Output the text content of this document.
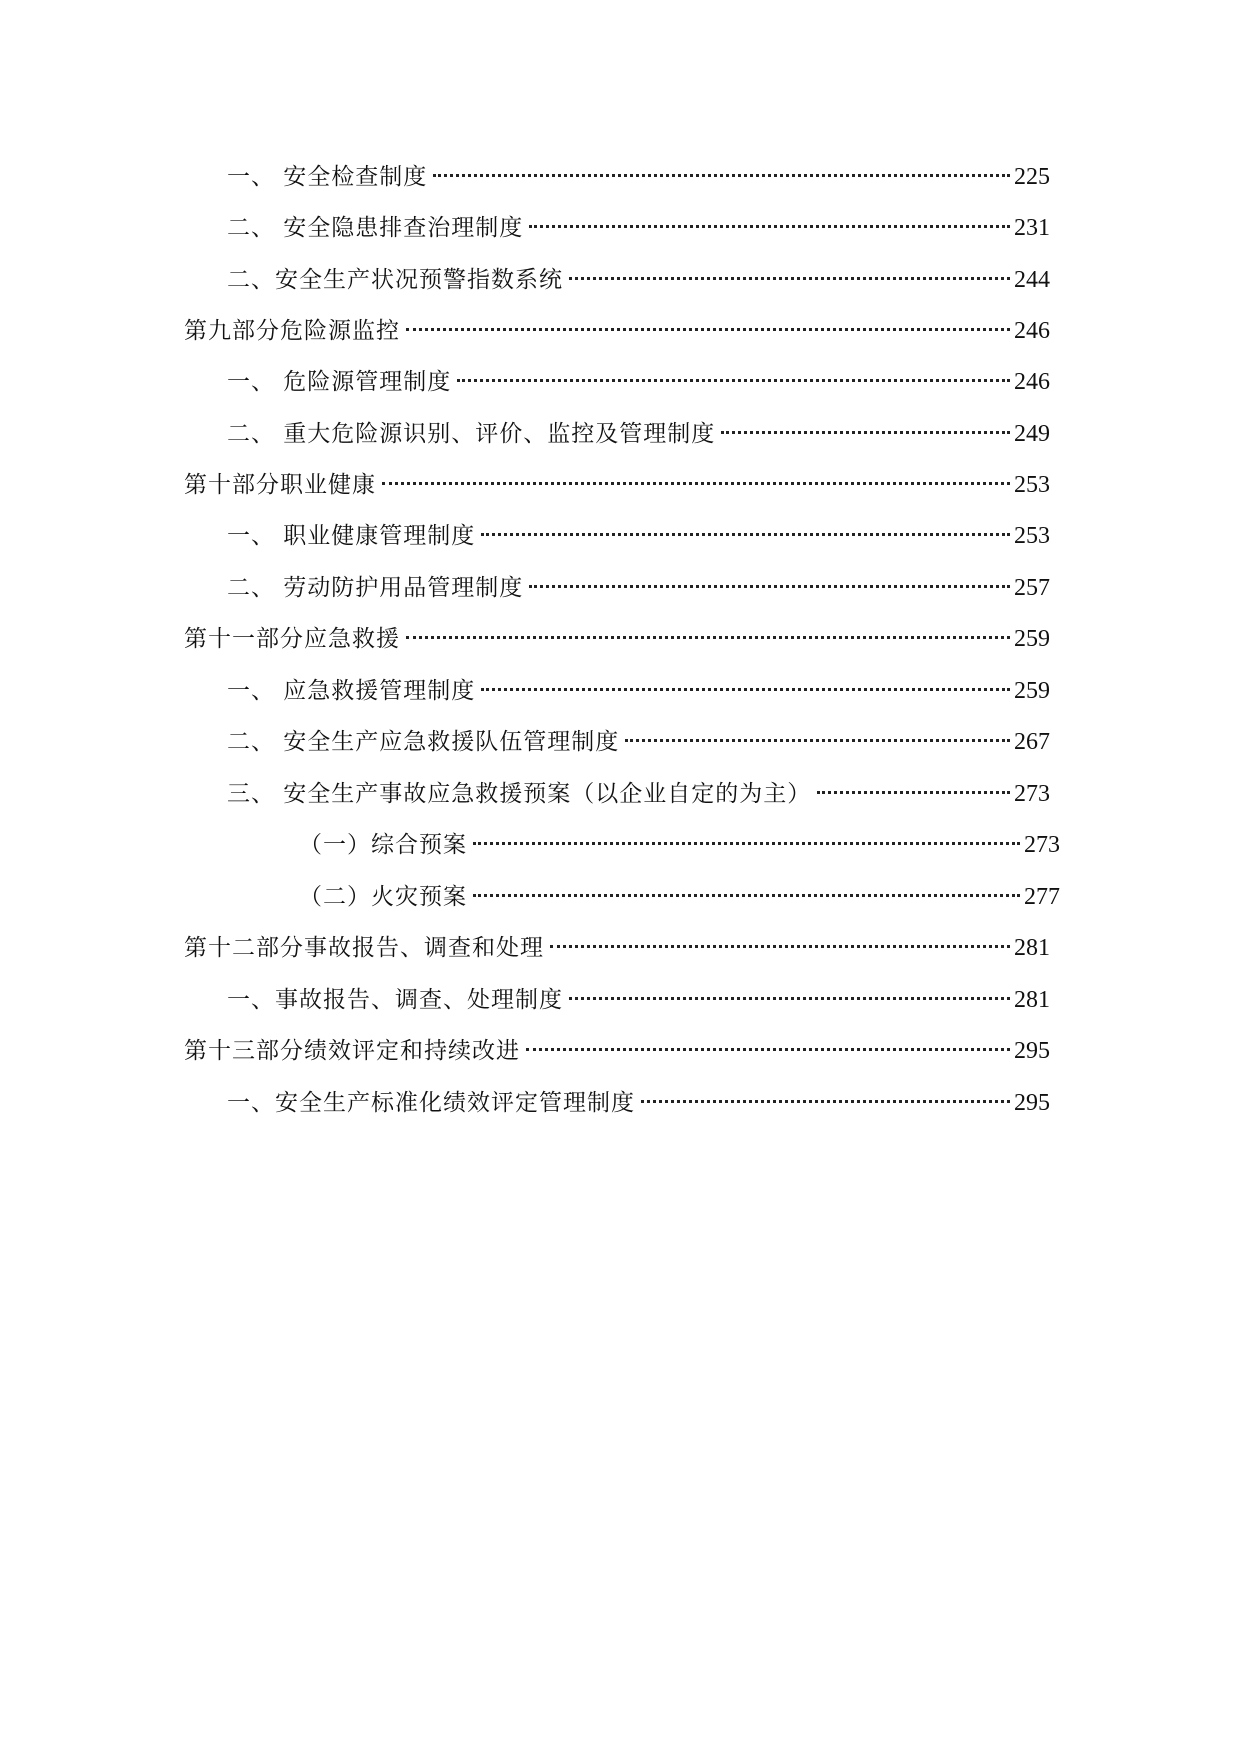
一、 安全检查制度	225
二、 安全隐患排查治理制度	231
二、安全生产状况预警指数系统	244
第九部分危险源监控	246
一、 危险源管理制度	246
二、 重大危险源识别、评价、监控及管理制度	249
第十部分职业健康	253
一、 职业健康管理制度	253
二、 劳动防护用品管理制度	257
第十一部分应急救援	259
一、 应急救援管理制度	259
二、 安全生产应急救援队伍管理制度	267
三、 安全生产事故应急救援预案（以企业自定的为主）	273
（一）综合预案	273
（二）火灾预案	277
第十二部分事故报告、调查和处理	281
一、事故报告、调查、处理制度	281
第十三部分绩效评定和持续改进	295
一、安全生产标准化绩效评定管理制度	295
